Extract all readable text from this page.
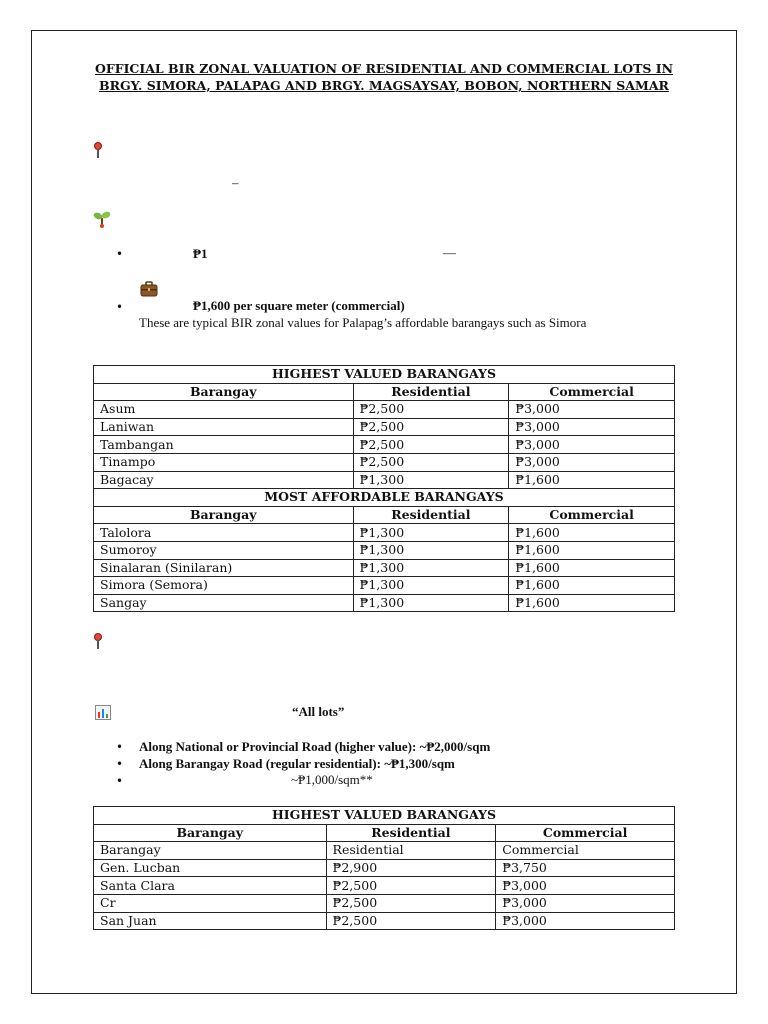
OFFICIAL BIR ZONAL VALUATION OF RESIDENTIAL AND COMMERCIAL LOTS IN
BRGY. SIMORA, PALAPAG AND BRGY. MAGSAYSAY, BOBON, NORTHERN SAMAR
–
•	₱1	—
•	₱1,600 per square meter (commercial)
These are typical BIR zonal values for Palapag’s affordable barangays such as Simora
HIGHEST VALUED BARANGAYS		
Barangay	Residential	Commercial
Asum	₱2,500	₱3,000
Laniwan	₱2,500	₱3,000
Tambangan	₱2,500	₱3,000
Tinampo	₱2,500	₱3,000
Bagacay	₱1,300	₱1,600
MOST AFFORDABLE BARANGAYS		
Barangay	Residential	Commercial
Talolora	₱1,300	₱1,600
Sumoroy	₱1,300	₱1,600
Sinalaran (Sinilaran)	₱1,300	₱1,600
Simora (Semora)	₱1,300	₱1,600
Sangay	₱1,300	₱1,600
“All lots”
• Along National or Provincial Road (higher value): ~₱2,000/sqm
• Along Barangay Road (regular residential): ~₱1,300/sqm
•	~₱1,000/sqm**
HIGHEST VALUED BARANGAYS		
Barangay	Residential	Commercial
Barangay	Residential	Commercial
Gen. Lucban	₱2,900	₱3,750
Santa Clara	₱2,500	₱3,000
Cr	₱2,500	₱3,000
San Juan	₱2,500	₱3,000
